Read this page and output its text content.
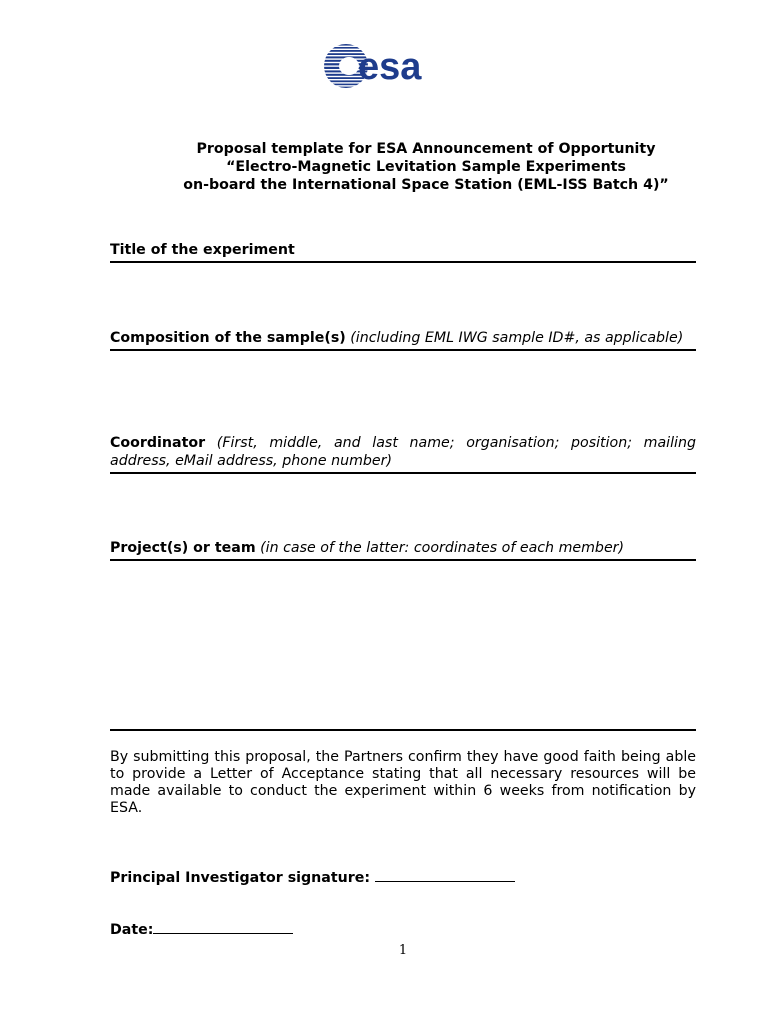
esa
Proposal template for ESA Announcement of Opportunity
“Electro-Magnetic Levitation Sample Experiments
on-board the International Space Station (EML-ISS Batch 4)”
Title of the experiment
Composition of the sample(s) (including EML IWG sample ID#, as applicable)
Coordinator (First, middle, and last name; organisation; position; mailing address, eMail address, phone number)
Project(s) or team (in case of the latter: coordinates of each member)
By submitting this proposal, the Partners confirm they have good faith being able to provide a Letter of Acceptance stating that all necessary resources will be made available to conduct the experiment within 6 weeks from notification by ESA.
Principal Investigator signature:
Date:
1
